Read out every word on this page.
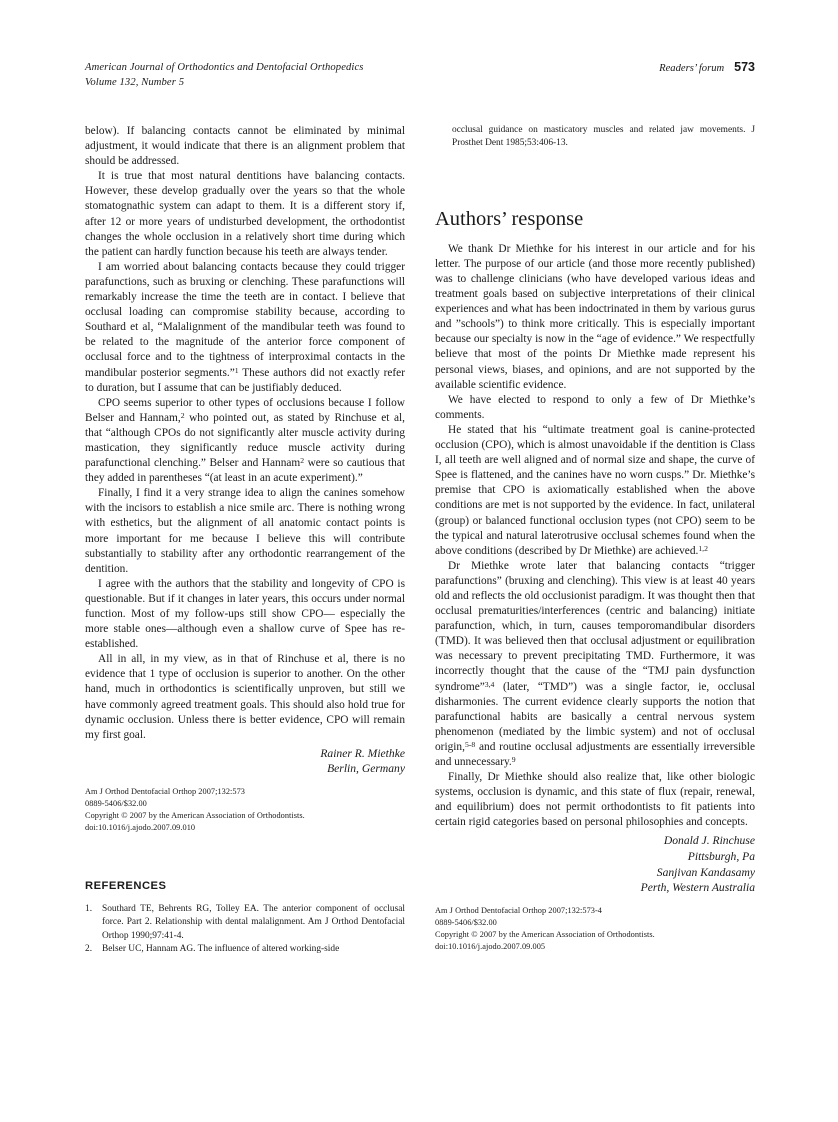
American Journal of Orthodontics and Dentofacial Orthopedics
Volume 132, Number 5
Readers’ forum 573

below). If balancing contacts cannot be eliminated by minimal adjustment, it would indicate that there is an alignment problem that should be addressed.

It is true that most natural dentitions have balancing contacts. However, these develop gradually over the years so that the whole stomatognathic system can adapt to them. It is a different story if, after 12 or more years of undisturbed development, the orthodontist changes the whole occlusion in a relatively short time during which the patient can hardly function because his teeth are always tender.

I am worried about balancing contacts because they could trigger parafunctions, such as bruxing or clenching. These parafunctions will remarkably increase the time the teeth are in contact. I believe that occlusal loading can compromise stability because, according to Southard et al, “Malalignment of the mandibular teeth was found to be related to the magnitude of the anterior force component of occlusal force and to the tightness of interproximal contacts in the mandibular posterior segments.”$^1$ These authors did not exactly refer to duration, but I assume that can be justifiably deduced.

CPO seems superior to other types of occlusions because I follow Belser and Hannam,$^2$ who pointed out, as stated by Rinchuse et al, that “although CPOs do not significantly alter muscle activity during mastication, they significantly reduce muscle activity during parafunctional clenching.” Belser and Hannam$^2$ were so cautious that they added in parentheses “(at least in an acute experiment).”

Finally, I find it a very strange idea to align the canines somehow with the incisors to establish a nice smile arc. There is nothing wrong with esthetics, but the alignment of all anatomic contact points is more important for me because I believe this will contribute substantially to stability after any orthodontic rearrangement of the dentition.

I agree with the authors that the stability and longevity of CPO is questionable. But if it changes in later years, this occurs under normal function. Most of my follow-ups still show CPO— especially the more stable ones—although even a shallow curve of Spee has re-established.

All in all, in my view, as in that of Rinchuse et al, there is no evidence that 1 type of occlusion is superior to another. On the other hand, much in orthodontics is scientifically unproven, but still we have commonly agreed treatment goals. This should also hold true for dynamic occlusion. Unless there is better evidence, CPO will remain my first goal.

Rainer R. Miethke
Berlin, Germany
Am J Orthod Dentofacial Orthop 2007;132:573
0889-5406/$32.00
Copyright © 2007 by the American Association of Orthodontists.
doi:10.1016/j.ajodo.2007.09.010
REFERENCES
Southard TE, Behrents RG, Tolley EA. The anterior component of occlusal force. Part 2. Relationship with dental malalignment. Am J Orthod Dentofacial Orthop 1990;97:41-4.
Belser UC, Hannam AG. The influence of altered working-side
occlusal guidance on masticatory muscles and related jaw movements. J Prosthet Dent 1985;53:406-13.
Authors’ response

We thank Dr Miethke for his interest in our article and for his letter. The purpose of our article (and those more recently published) was to challenge clinicians (who have developed various ideas and treatment goals based on subjective interpretations of their clinical experiences and what has been indoctrinated in them by various gurus and ”schools”) to think more critically. This is especially important because our specialty is now in the “age of evidence.” We respectfully believe that most of the points Dr Miethke made represent his personal views, biases, and opinions, and are not supported by the available scientific evidence.

We have elected to respond to only a few of Dr Miethke’s comments.

He stated that his “ultimate treatment goal is canine-protected occlusion (CPO), which is almost unavoidable if the dentition is Class I, all teeth are well aligned and of normal size and shape, the curve of Spee is flattened, and the canines have no worn cusps.” Dr. Miethke’s premise that CPO is axiomatically established when the above conditions are met is not supported by the evidence. In fact, unilateral (group) or balanced functional occlusion types (not CPO) seem to be the typical and natural laterotrusive occlusal schemes found when the above conditions (described by Dr Miethke) are achieved.$^{1,2}$

Dr Miethke wrote later that balancing contacts “trigger parafunctions” (bruxing and clenching). This view is at least 40 years old and reflects the old occlusionist paradigm. It was thought then that occlusal prematurities/interferences (centric and balancing) initiate parafunction, which, in turn, causes temporomandibular disorders (TMD). It was believed then that occlusal adjustment or equilibration was necessary to prevent precipitating TMD. Furthermore, it was incorrectly thought that the cause of the “TMJ pain dysfunction syndrome”$^{3,4}$ (later, “TMD”) was a single factor, ie, occlusal disharmonies. The current evidence clearly supports the notion that parafunctional habits are basically a central nervous system phenomenon (mediated by the limbic system) and not of occlusal origin,$^{5-8}$ and routine occlusal adjustments are essentially irreversible and unnecessary.$^9$

Finally, Dr Miethke should also realize that, like other biologic systems, occlusion is dynamic, and this state of flux (repair, renewal, and equilibrium) does not permit orthodontists to fit patients into certain rigid categories based on personal philosophies and concepts.

Donald J. Rinchuse
Pittsburgh, Pa
Sanjivan Kandasamy
Perth, Western Australia
Am J Orthod Dentofacial Orthop 2007;132:573-4
0889-5406/$32.00
Copyright © 2007 by the American Association of Orthodontists.
doi:10.1016/j.ajodo.2007.09.005
